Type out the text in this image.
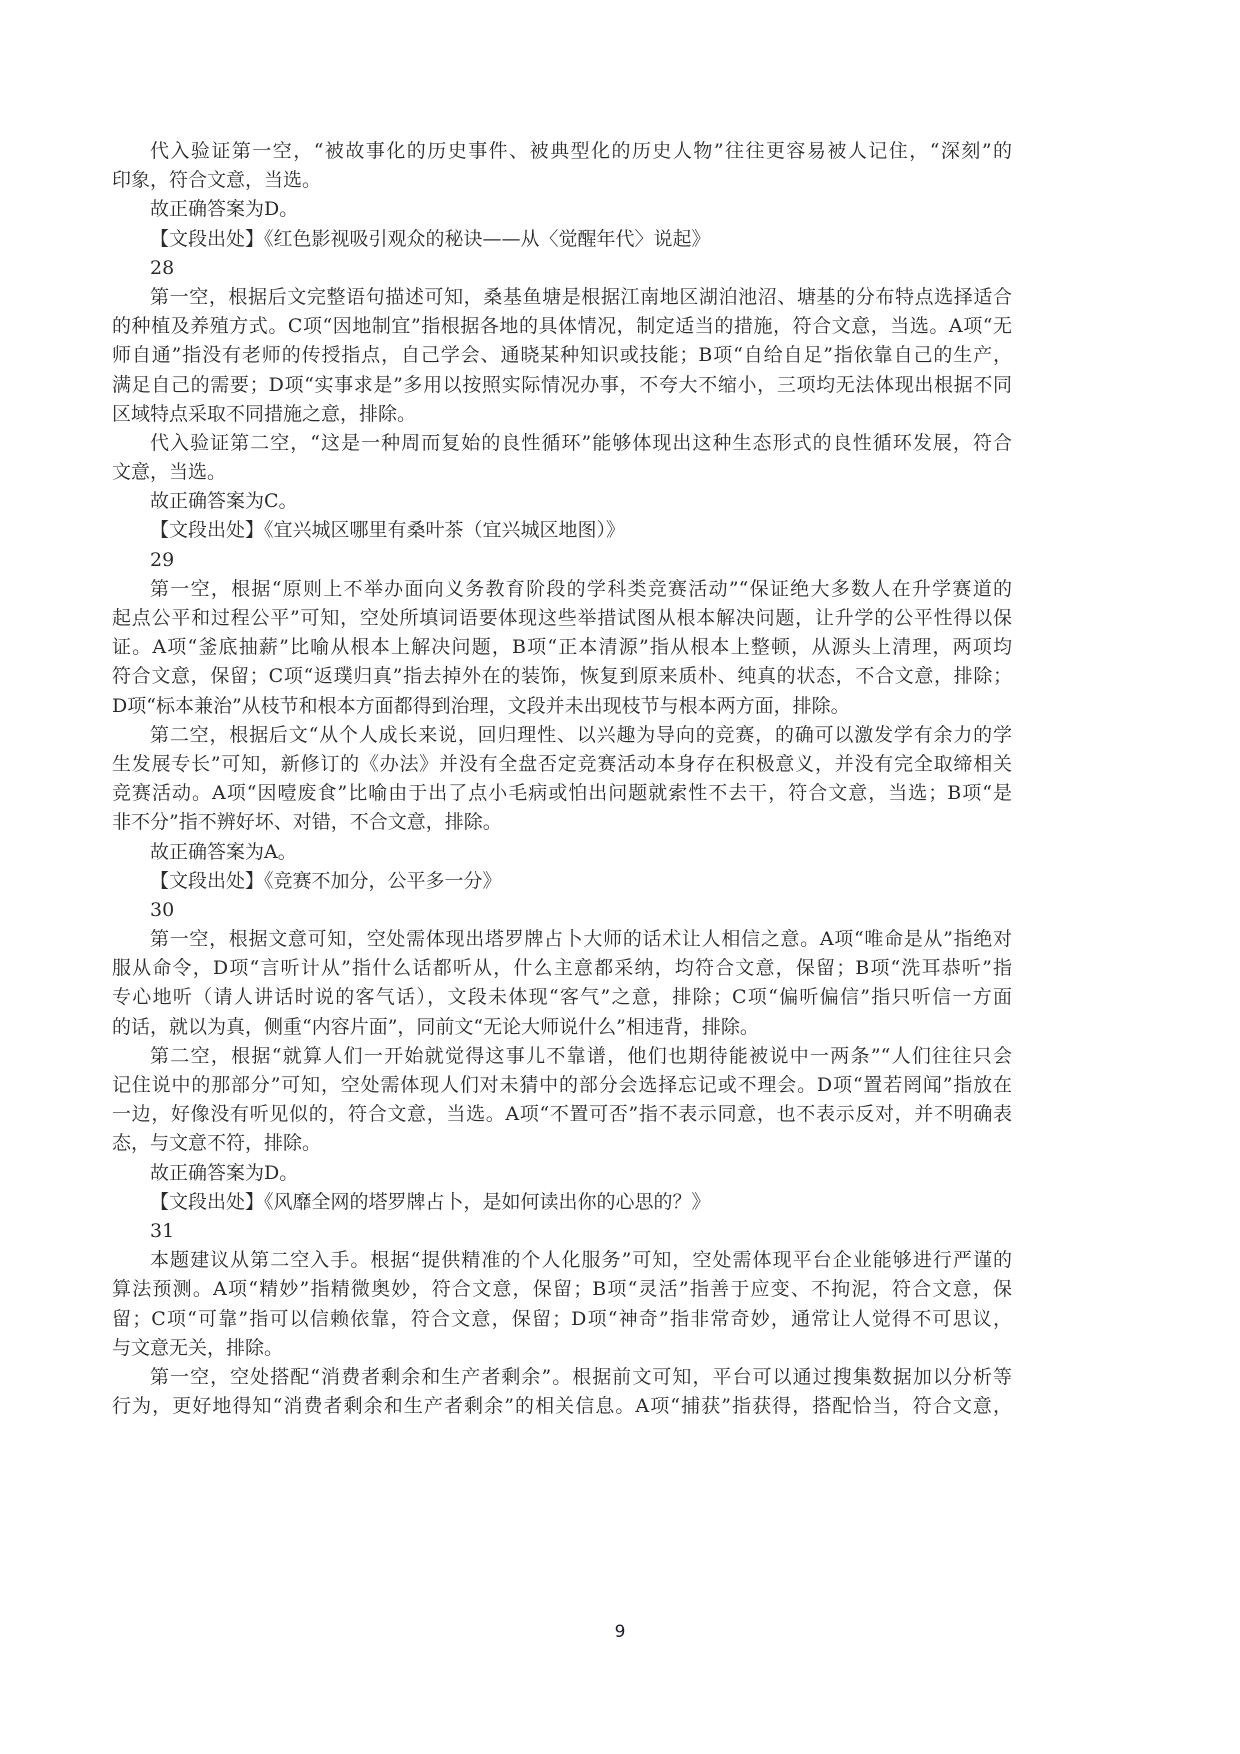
代入验证第一空，“被故事化的历史事件、被典型化的历史人物”往往更容易被人记住，“深刻”的
印象，符合文意，当选。
故正确答案为D。
【文段出处】《红色影视吸引观众的秘诀——从〈觉醒年代〉说起》
28
第一空，根据后文完整语句描述可知，桑基鱼塘是根据江南地区湖泊池沼、塘基的分布特点选择适合
的种植及养殖方式。C项“因地制宜”指根据各地的具体情况，制定适当的措施，符合文意，当选。A项“无
师自通”指没有老师的传授指点，自己学会、通晓某种知识或技能；B项“自给自足”指依靠自己的生产，
满足自己的需要；D项“实事求是”多用以按照实际情况办事，不夸大不缩小，三项均无法体现出根据不同
区域特点采取不同措施之意，排除。
代入验证第二空，“这是一种周而复始的良性循环”能够体现出这种生态形式的良性循环发展，符合
文意，当选。
故正确答案为C。
【文段出处】《宜兴城区哪里有桑叶茶（宜兴城区地图）》
29
第一空，根据“原则上不举办面向义务教育阶段的学科类竞赛活动”“保证绝大多数人在升学赛道的
起点公平和过程公平”可知，空处所填词语要体现这些举措试图从根本解决问题，让升学的公平性得以保
证。A项“釜底抽薪”比喻从根本上解决问题，B项“正本清源”指从根本上整顿，从源头上清理，两项均
符合文意，保留；C项“返璞归真”指去掉外在的装饰，恢复到原来质朴、纯真的状态，不合文意，排除；
D项“标本兼治”从枝节和根本方面都得到治理，文段并未出现枝节与根本两方面，排除。
第二空，根据后文“从个人成长来说，回归理性、以兴趣为导向的竞赛，的确可以激发学有余力的学
生发展专长”可知，新修订的《办法》并没有全盘否定竞赛活动本身存在积极意义，并没有完全取缔相关
竞赛活动。A项“因噎废食”比喻由于出了点小毛病或怕出问题就索性不去干，符合文意，当选；B项“是
非不分”指不辨好坏、对错，不合文意，排除。
故正确答案为A。
【文段出处】《竞赛不加分，公平多一分》
30
第一空，根据文意可知，空处需体现出塔罗牌占卜大师的话术让人相信之意。A项“唯命是从”指绝对
服从命令，D项“言听计从”指什么话都听从，什么主意都采纳，均符合文意，保留；B项“洗耳恭听”指
专心地听（请人讲话时说的客气话），文段未体现“客气”之意，排除；C项“偏听偏信”指只听信一方面
的话，就以为真，侧重“内容片面”，同前文“无论大师说什么”相违背，排除。
第二空，根据“就算人们一开始就觉得这事儿不靠谱，他们也期待能被说中一两条”“人们往往只会
记住说中的那部分”可知，空处需体现人们对未猜中的部分会选择忘记或不理会。D项“置若罔闻”指放在
一边，好像没有听见似的，符合文意，当选。A项“不置可否”指不表示同意，也不表示反对，并不明确表
态，与文意不符，排除。
故正确答案为D。
【文段出处】《风靡全网的塔罗牌占卜，是如何读出你的心思的？》
31
本题建议从第二空入手。根据“提供精准的个人化服务”可知，空处需体现平台企业能够进行严谨的
算法预测。A项“精妙”指精微奥妙，符合文意，保留；B项“灵活”指善于应变、不拘泥，符合文意，保
留；C项“可靠”指可以信赖依靠，符合文意，保留；D项“神奇”指非常奇妙，通常让人觉得不可思议，
与文意无关，排除。
第一空，空处搭配“消费者剩余和生产者剩余”。根据前文可知，平台可以通过搜集数据加以分析等
行为，更好地得知“消费者剩余和生产者剩余”的相关信息。A项“捕获”指获得，搭配恰当，符合文意，
9
